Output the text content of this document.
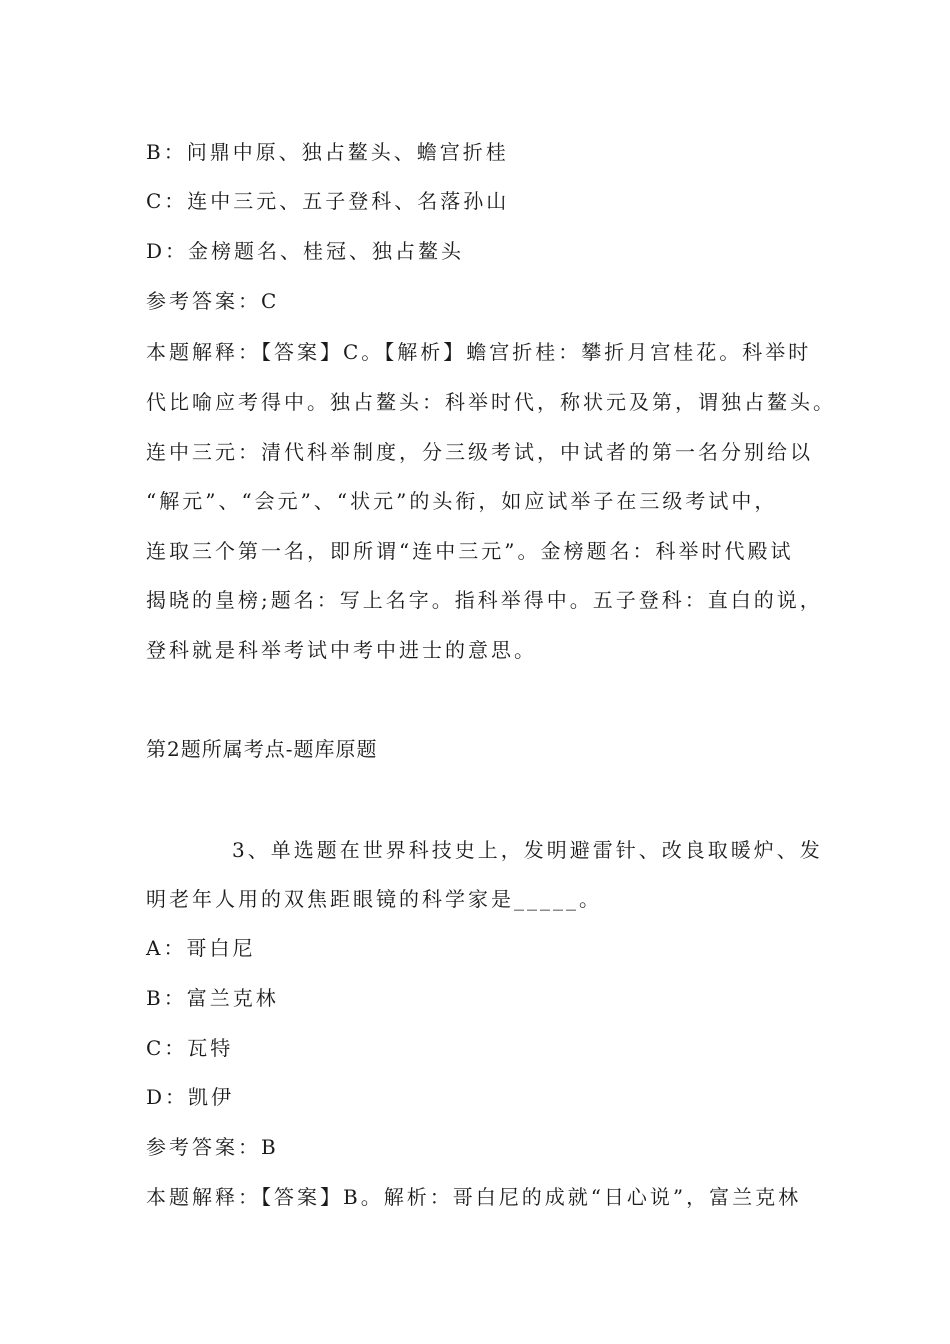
B：问鼎中原、独占鳌头、蟾宫折桂
C：连中三元、五子登科、名落孙山
D：金榜题名、桂冠、独占鳌头
参考答案：C
本题解释：【答案】C。【解析】蟾宫折桂：攀折月宫桂花。科举时
代比喻应考得中。独占鳌头：科举时代，称状元及第，谓独占鳌头。
连中三元：清代科举制度，分三级考试，中试者的第一名分别给以
“解元”、“会元”、“状元”的头衔，如应试举子在三级考试中，
连取三个第一名，即所谓“连中三元”。金榜题名：科举时代殿试
揭晓的皇榜;题名：写上名字。指科举得中。五子登科：直白的说，
登科就是科举考试中考中进士的意思。
第2题所属考点-题库原题
3、单选题在世界科技史上，发明避雷针、改良取暖炉、发
明老年人用的双焦距眼镜的科学家是_____。
A：哥白尼
B：富兰克林
C：瓦特
D：凯伊
参考答案：B
本题解释：【答案】B。解析：哥白尼的成就“日心说”，富兰克林
